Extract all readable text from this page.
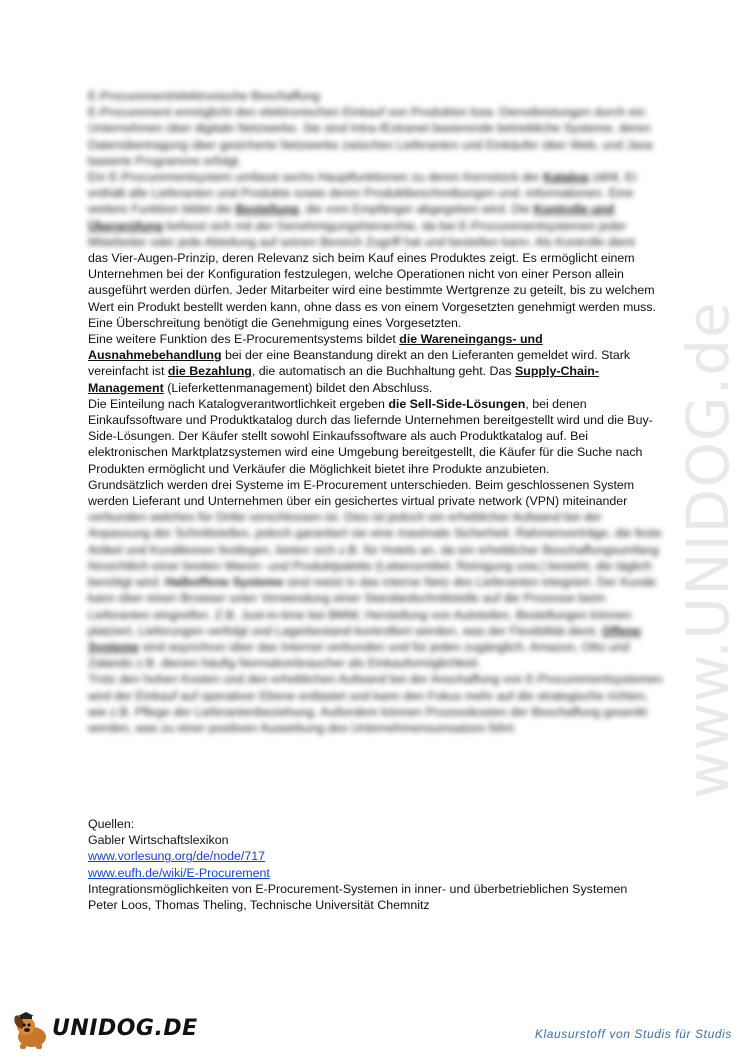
www.UNIDOG.de

E-Procurement/elektronische Beschaffung

E-Procurement ermöglicht den elektronischen Einkauf von Produkten bzw. Dienstleistungen durch ein Unternehmen über digitale Netzwerke. Sie sind Intra-/Extranet basierende betriebliche Systeme, deren Datenübertragung über gesicherte Netzwerke zwischen Lieferanten und Einkäufer über Web, und Java basierte Programme erfolgt.

Ein E-Procurementsystem umfasst sechs Hauptfunktionen zu deren Kernstück der Katalog zählt. Er enthält alle Lieferanten und Produkte sowie deren Produktbeschreibungen und -informationen. Eine weitere Funktion bildet die Bestellung, die vom Empfänger abgegeben wird. Die Kontrolle und Überprüfung befasst sich mit der Genehmigungshierarchie, da bei E-Procurementsystemen jeder Mitarbeiter oder jede Abteilung auf seinen Bereich Zugriff hat und bestellen kann. Als Kontrolle dient

das Vier-Augen-Prinzip, deren Relevanz sich beim Kauf eines Produktes zeigt. Es ermöglicht einem Unternehmen bei der Konfiguration festzulegen, welche Operationen nicht von einer Person allein ausgeführt werden dürfen. Jeder Mitarbeiter wird eine bestimmte Wertgrenze zu geteilt, bis zu welchem Wert ein Produkt bestellt werden kann, ohne dass es von einem Vorgesetzten genehmigt werden muss. Eine Überschreitung benötigt die Genehmigung eines Vorgesetzten.

Eine weitere Funktion des E-Procurementsystems bildet die Wareneingangs- und Ausnahmebehandlung bei der eine Beanstandung direkt an den Lieferanten gemeldet wird. Stark vereinfacht ist die Bezahlung, die automatisch an die Buchhaltung geht. Das Supply-Chain-Management (Lieferkettenmanagement) bildet den Abschluss.

Die Einteilung nach Katalogverantwortlichkeit ergeben die Sell-Side-Lösungen, bei denen Einkaufssoftware und Produktkatalog durch das liefernde Unternehmen bereitgestellt wird und die Buy-Side-Lösungen. Der Käufer stellt sowohl Einkaufssoftware als auch Produktkatalog auf. Bei elektronischen Marktplatzsystemen wird eine Umgebung bereitgestellt, die Käufer für die Suche nach Produkten ermöglicht und Verkäufer die Möglichkeit bietet ihre Produkte anzubieten.

Grundsätzlich werden drei Systeme im E-Procurement unterschieden. Beim geschlossenen System werden Lieferant und Unternehmen über ein gesichertes virtual private network (VPN) miteinander

verbunden welches für Dritte verschlossen ist. Dies ist jedoch ein erheblicher Aufwand bei der Anpassung der Schnittstellen, jedoch garantiert sie eine maximale Sicherheit. Rahmenverträge, die feste Artikel und Konditionen festlegen, bieten sich z.B. für Hotels an, da ein erheblicher Beschaffungsumfang hinsichtlich einer breiten Waren- und Produktpalette (Lebensmittel, Reinigung usw.) besteht, die täglich benötigt wird. Halboffene Systeme sind meist in das interne Netz des Lieferanten integriert. Der Kunde kann über einen Browser unter Verwendung einer Standardschnittstelle auf die Prozesse beim Lieferanten eingreifen. Z.B. Just-in-time bei BMW, Herstellung von Autoteilen, Bestellungen können platziert, Lieferungen verfolgt und Lagerbestand kontrolliert werden, was der Flexibilität dient. Offene Systeme sind asynchron über das Internet verbunden und für jeden zugänglich. Amazon, Otto und Zalando z.B. dienen häufig Normalverbraucher als Einkaufsmöglichkeit.

Trotz den hohen Kosten und den erheblichen Aufwand bei der Anschaffung von E-Procurementsystemen wird der Einkauf auf operativer Ebene entlastet und kann den Fokus mehr auf die strategische richten, wie z.B. Pflege der Lieferantenbeziehung. Außerdem können Prozesskosten der Beschaffung gesenkt werden, was zu einer positiven Auswirkung des Unternehmensumsatzes führt.

Quellen:
Gabler Wirtschaftslexikon
www.vorlesung.org/de/node/717
www.eufh.de/wiki/E-Procurement
Integrationsmöglichkeiten von E-Procurement-Systemen in inner- und überbetrieblichen Systemen
Peter Loos, Thomas Theling, Technische Universität Chemnitz
UNIDOG.DE	Klausurstoff von Studis für Studis
